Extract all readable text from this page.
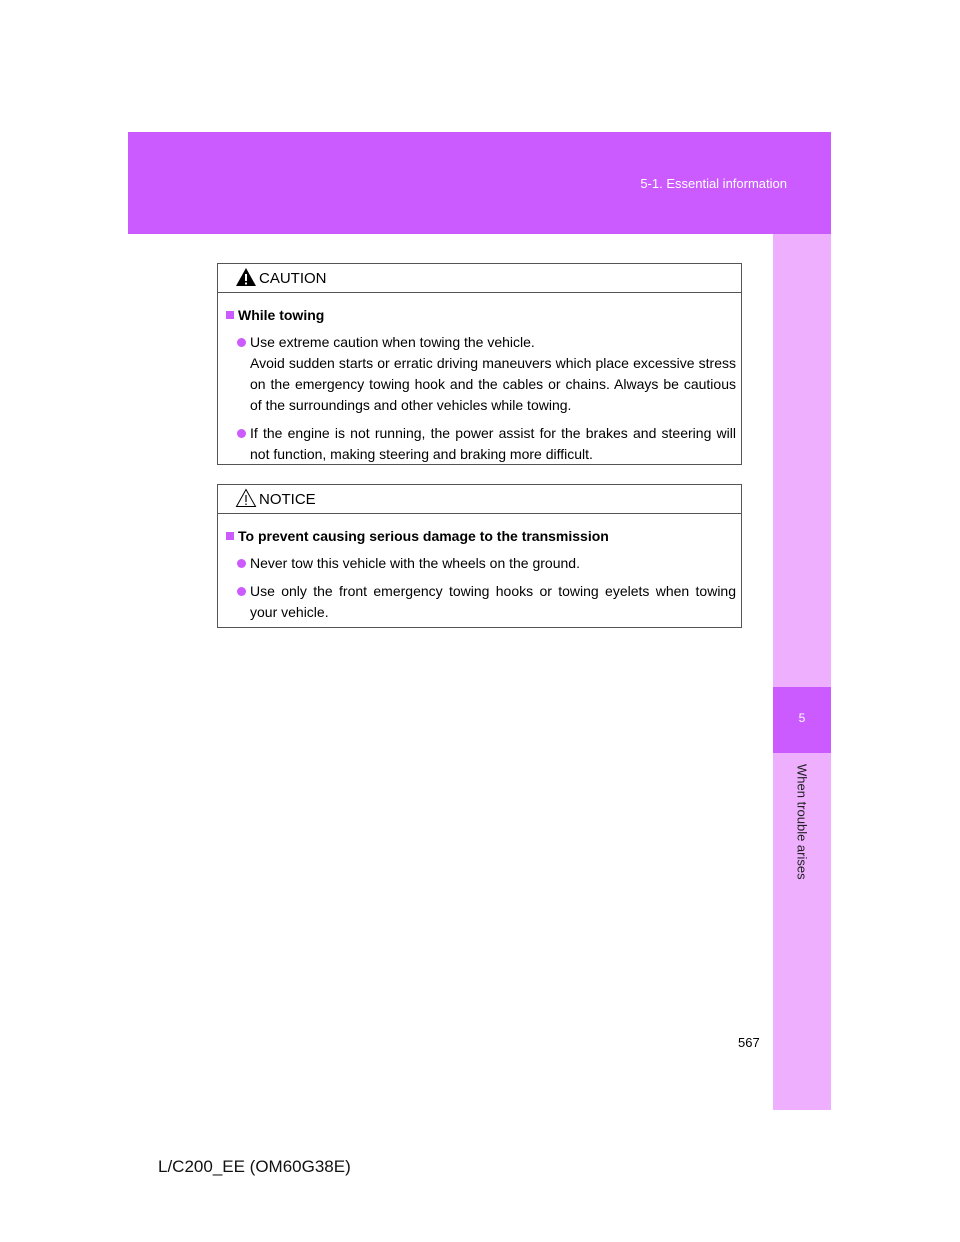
5-1. Essential information
5
When trouble arises
CAUTION
While towing

Use extreme caution when towing the vehicle.

Avoid sudden starts or erratic driving maneuvers which place excessive stress on the emergency towing hook and the cables or chains. Always be cautious of the surroundings and other vehicles while towing.

If the engine is not running, the power assist for the brakes and steering will not function, making steering and braking more difficult.

NOTICE
To prevent causing serious damage to the transmission

Never tow this vehicle with the wheels on the ground.

Use only the front emergency towing hooks or towing eyelets when towing your vehicle.

567
L/C200_EE (OM60G38E)
